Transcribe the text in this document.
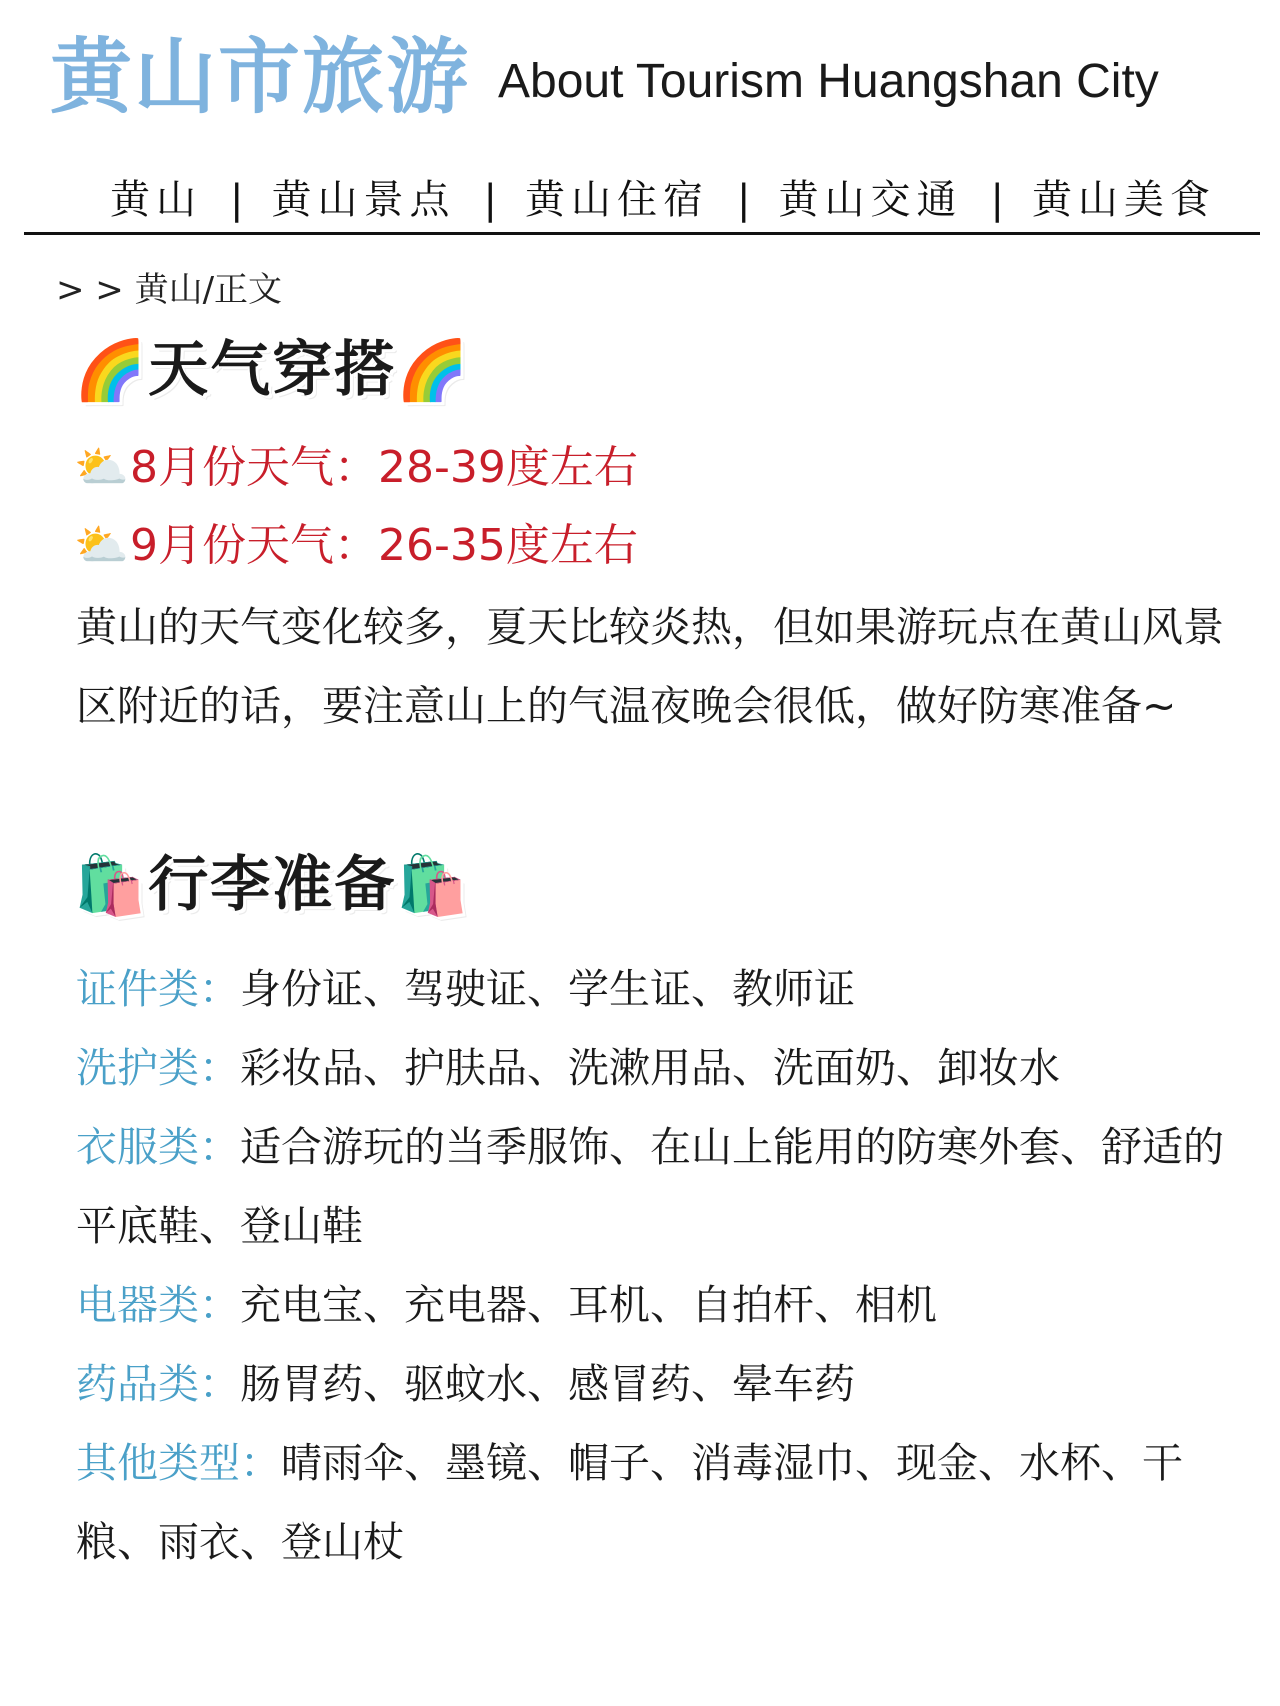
黄山市旅游 About Tourism Huangshan City
黄山 | 黄山景点 | 黄山住宿 | 黄山交通 | 黄山美食
> > 黄山/正文
🌈天气穿搭🌈
⛅8月份天气：28-39度左右
⛅9月份天气：26-35度左右
黄山的天气变化较多，夏天比较炎热，但如果游玩点在黄山风景区附近的话，要注意山上的气温夜晚会很低，做好防寒准备~
🛍️行李准备🛍️
证件类：身份证、驾驶证、学生证、教师证
洗护类：彩妆品、护肤品、洗漱用品、洗面奶、卸妆水
衣服类：适合游玩的当季服饰、在山上能用的防寒外套、舒适的平底鞋、登山鞋
电器类：充电宝、充电器、耳机、自拍杆、相机
药品类：肠胃药、驱蚊水、感冒药、晕车药
其他类型：晴雨伞、墨镜、帽子、消毒湿巾、现金、水杯、干粮、雨衣、登山杖
